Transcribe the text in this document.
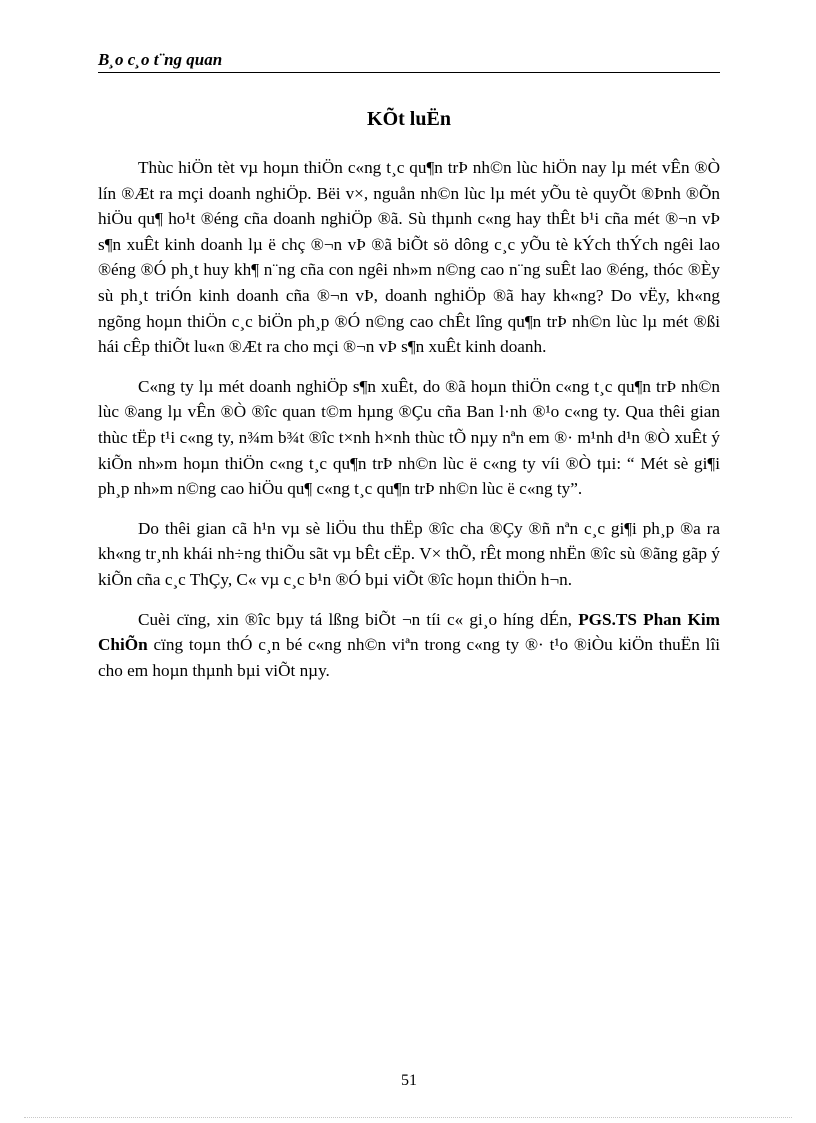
B¸o c¸o t¨ng quan
KÕt luËn

Thùc hiÖn tèt vµ hoµn thiÖn c«ng t¸c qu¶n trÞ nh©n lùc hiÖn nay lµ mét vÊn ®Ò lín ®Æt ra mçi doanh nghiÖp. Bëi v×, nguån nh©n lùc lµ mét yÕu tè quyÕt ®Þnh ®Õn hiÖu qu¶ ho¹t ®éng cña doanh nghiÖp ®ã. Sù thµnh c«ng hay thÊt b¹i cña mét ®¬n vÞ s¶n xuÊt kinh doanh lµ ë chç ®¬n vÞ ®ã biÕt sö dông c¸c yÕu tè kÝch thÝch ngêi lao ®éng ®Ó ph¸t huy kh¶ n¨ng cña con ngêi nh»m n©ng cao n¨ng suÊt lao ®éng, thóc ®Èy sù ph¸t triÓn kinh doanh cña ®¬n vÞ, doanh nghiÖp ®ã hay kh«ng? Do vËy, kh«ng ngõng hoµn thiÖn c¸c biÖn ph¸p ®Ó n©ng cao chÊt lîng qu¶n trÞ nh©n lùc lµ mét ®ßi hái cÊp thiÕt lu«n ®Æt ra cho mçi ®¬n vÞ s¶n xuÊt kinh doanh.

C«ng ty lµ mét doanh nghiÖp s¶n xuÊt, do ®ã hoµn thiÖn c«ng t¸c qu¶n trÞ nh©n lùc ®ang lµ vÊn ®Ò ®îc quan t©m hµng ®Çu cña Ban l·nh ®¹o c«ng ty. Qua thêi gian thùc tËp t¹i c«ng ty, n¾m b¾t ®îc t×nh h×nh thùc tÕ nµy nªn em ®· m¹nh d¹n ®Ò xuÊt ý kiÕn nh»m hoµn thiÖn c«ng t¸c qu¶n trÞ nh©n lùc ë c«ng ty víi ®Ò tµi: “ Mét sè gi¶i ph¸p nh»m n©ng cao hiÖu qu¶ c«ng t¸c qu¶n trÞ nh©n lùc ë c«ng ty”.

Do thêi gian cã h¹n vµ sè liÖu thu thËp ®îc cha ®Çy ®ñ nªn c¸c gi¶i ph¸p ®a ra kh«ng tr¸nh khái nh÷ng thiÕu sãt vµ bÊt cËp. V× thÕ, rÊt mong nhËn ®îc sù ®ãng gãp ý kiÕn cña c¸c ThÇy, C« vµ c¸c b¹n ®Ó bµi viÕt ®îc hoµn thiÖn h¬n.

Cuèi cïng, xin ®îc bµy tá lßng biÕt ¬n tíi c« gi¸o híng dÉn, PGS.TS Phan Kim ChiÕn cïng toµn thÓ c¸n bé c«ng nh©n viªn trong c«ng ty ®· t¹o ®iÒu kiÖn thuËn lîi cho em hoµn thµnh bµi viÕt nµy.

51
